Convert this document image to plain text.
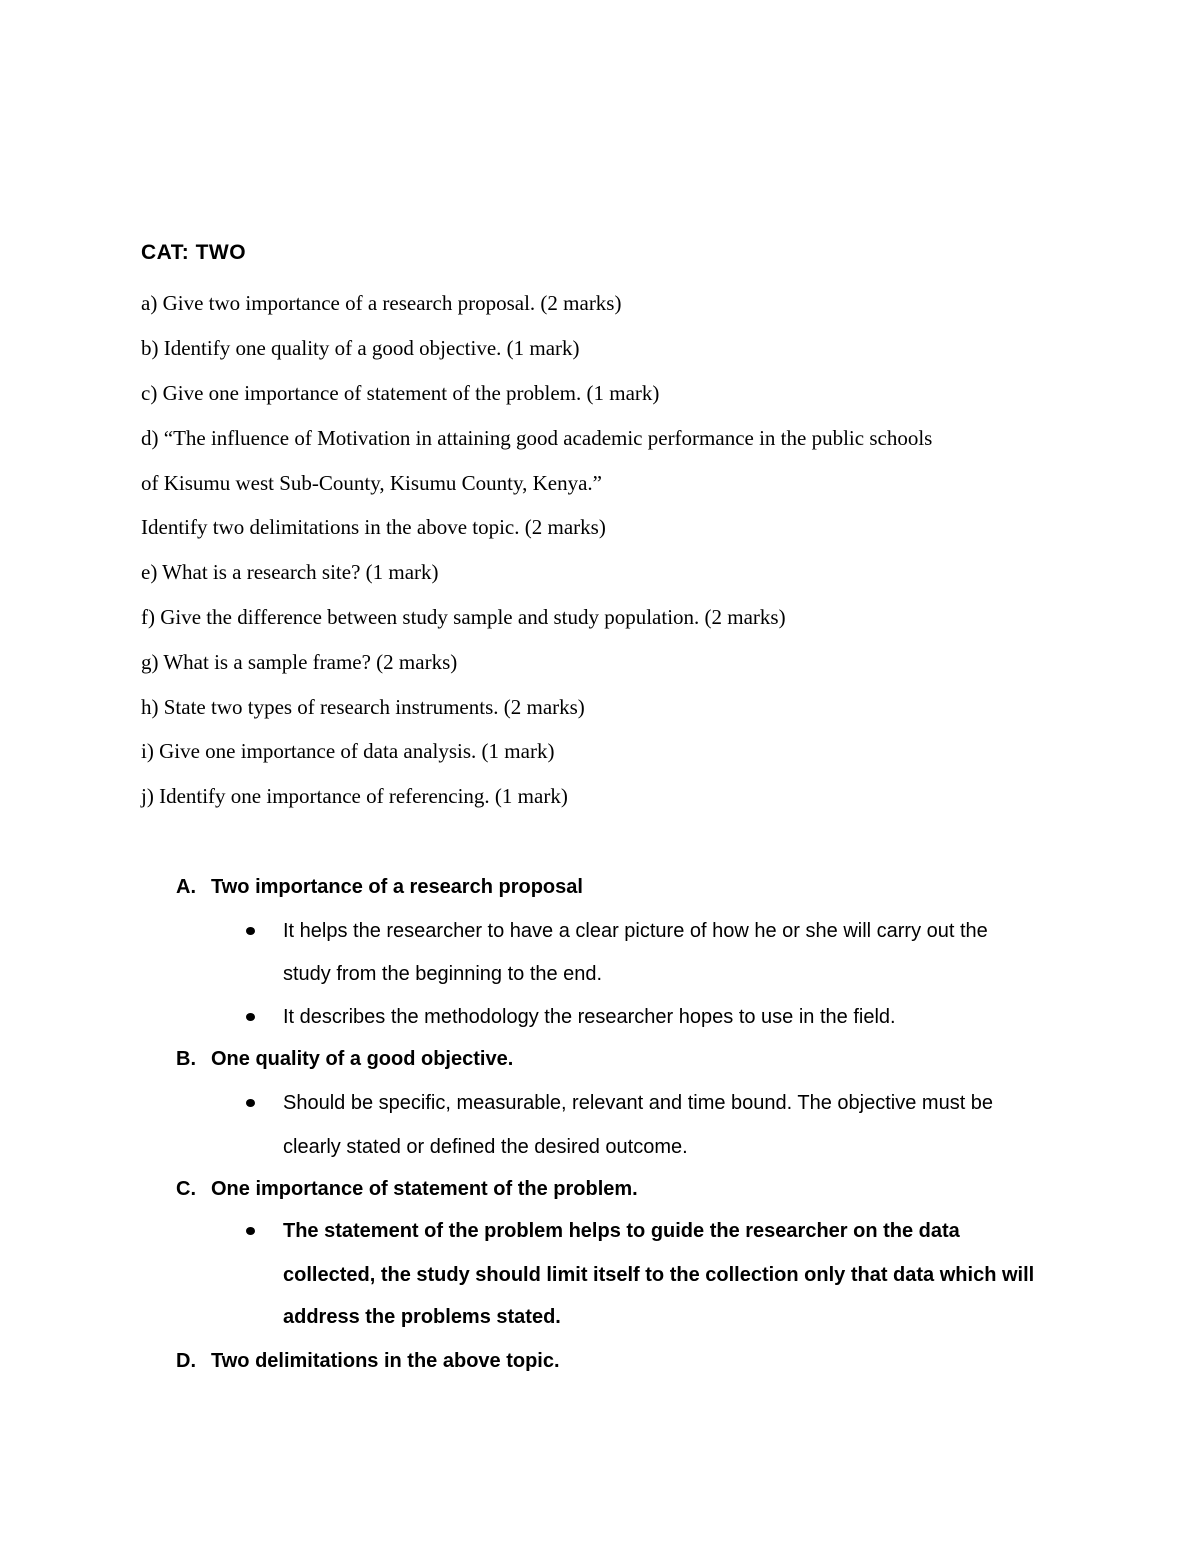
CAT: TWO
a) Give two importance of a research proposal. (2 marks)
b) Identify one quality of a good objective. (1 mark)
c) Give one importance of statement of the problem. (1 mark)
d) “The influence of Motivation in attaining good academic performance in the public schools
of Kisumu west Sub-County, Kisumu County, Kenya.”
Identify two delimitations in the above topic. (2 marks)
e) What is a research site? (1 mark)
f) Give the difference between study sample and study population. (2 marks)
g) What is a sample frame? (2 marks)
h) State two types of research instruments. (2 marks)
i) Give one importance of data analysis. (1 mark)
j) Identify one importance of referencing. (1 mark)
A. Two importance of a research proposal
It helps the researcher to have a clear picture of how he or she will carry out the
study from the beginning to the end.
It describes the methodology the researcher hopes to use in the field.
B. One quality of a good objective.
Should be specific, measurable, relevant and time bound. The objective must be
clearly stated or defined the desired outcome.
C. One importance of statement of the problem.
The statement of the problem helps to guide the researcher on the data
collected, the study should limit itself to the collection only that data which will
address the problems stated.
D. Two delimitations in the above topic.
